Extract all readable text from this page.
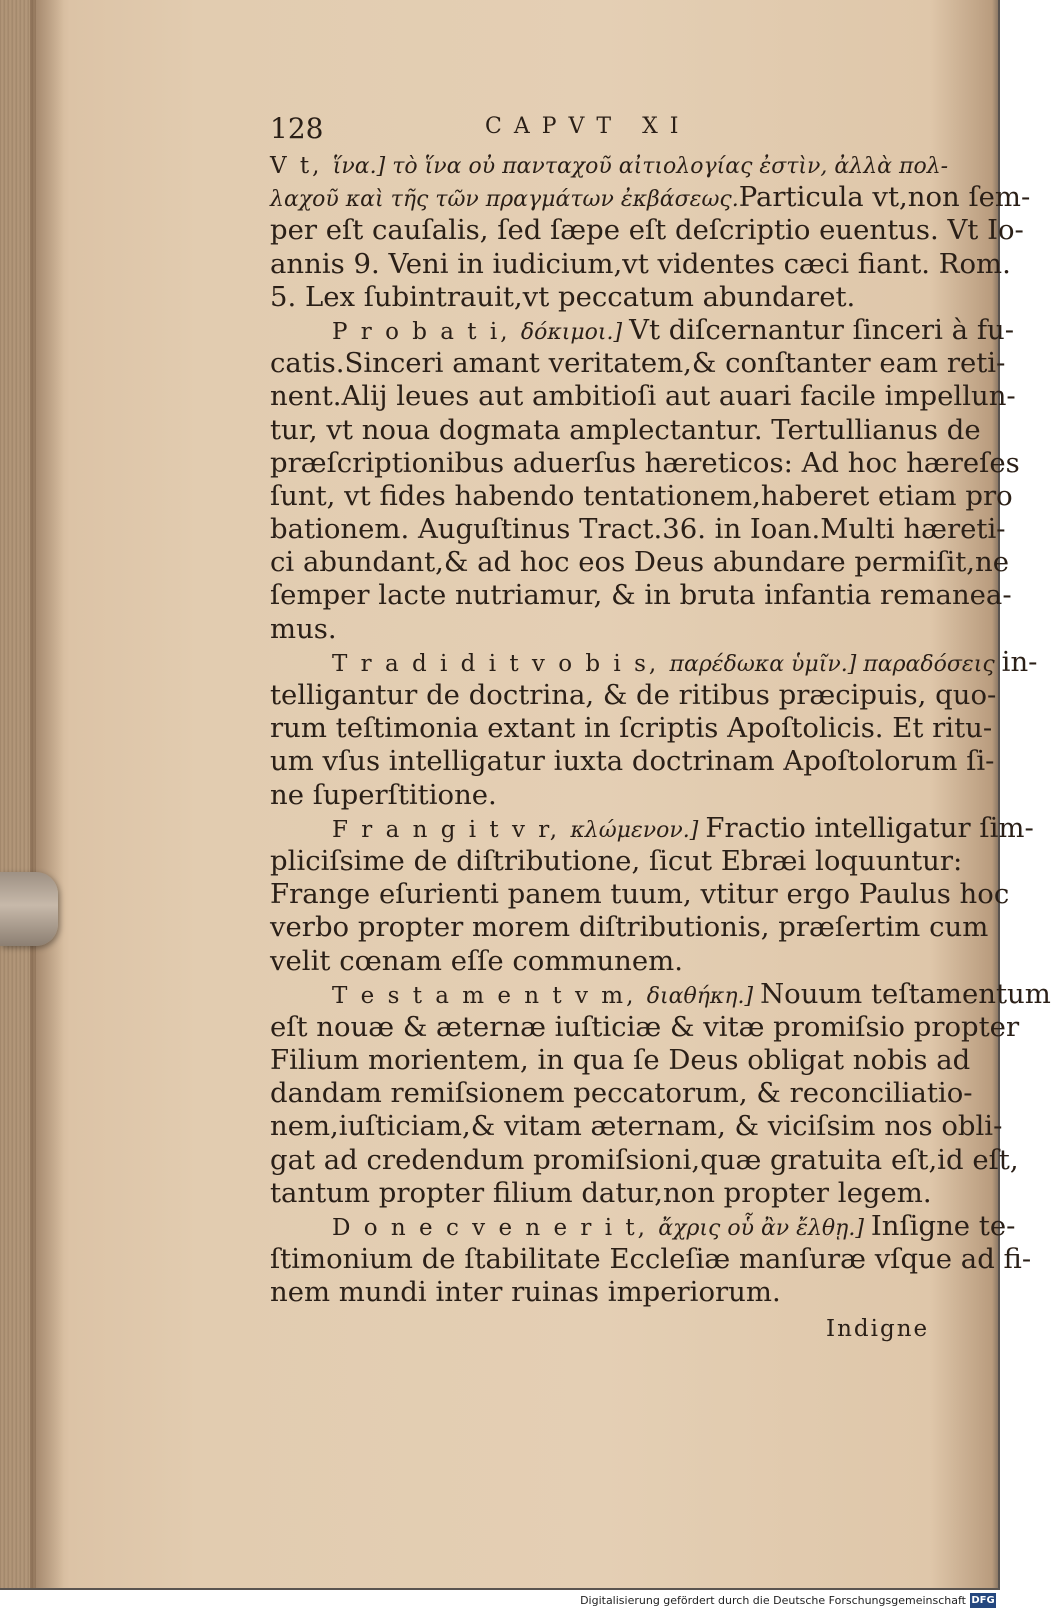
128	CAPVT XI
V t, ἵνα.] τὸ ἵνα οὐ πανταχοῦ αἰτιολογίας ἐστὶν, ἀλλὰ πολ-
λαχοῦ καὶ τῆς τῶν πραγμάτων ἐκβάσεως.Particula vt,non ſem-
per eſt cauſalis, ſed ſæpe eſt deſcriptio euentus. Vt Io-
annis 9. Veni in iudicium,vt videntes cæci fiant. Rom.
5. Lex ſubintrauit,vt peccatum abundaret.
P r o b a t i, δόκιμοι.] Vt diſcernantur ſinceri à fu-
catis.Sinceri amant veritatem,& conſtanter eam reti-
nent.Alij leues aut ambitioſi aut auari facile impellun-
tur, vt noua dogmata amplectantur. Tertullianus de
præſcriptionibus aduerſus hæreticos: Ad hoc hæreſes
ſunt, vt fides habendo tentationem,haberet etiam pro
bationem. Auguſtinus Tract.36. in Ioan.Multi hæreti-
ci abundant,& ad hoc eos Deus abundare permiſit,ne
ſemper lacte nutriamur, & in bruta infantia remanea-
mus.
T r a d i d i t v o b i s, παρέδωκα ὑμῖν.] παραδόσεις in-
telligantur de doctrina, & de ritibus præcipuis, quo-
rum teſtimonia extant in ſcriptis Apoſtolicis. Et ritu-
um vſus intelligatur iuxta doctrinam Apoſtolorum ſi-
ne ſuperſtitione.
F r a n g i t v r, κλώμενον.] Fractio intelligatur ſim-
pliciſsime de diſtributione, ſicut Ebræi loquuntur:
Frange eſurienti panem tuum, vtitur ergo Paulus hoc
verbo propter morem diſtributionis, præſertim cum
velit cœnam eſſe communem.
T e s t a m e n t v m, διαθήκη.] Nouum teſtamentum
eſt nouæ & æternæ iuſticiæ & vitæ promiſsio propter
Filium morientem, in qua ſe Deus obligat nobis ad
dandam remiſsionem peccatorum, & reconciliatio-
nem,iuſticiam,& vitam æternam, & viciſsim nos obli-
gat ad credendum promiſsioni,quæ gratuita eſt,id eſt,
tantum propter filium datur,non propter legem.
D o n e c v e n e r i t, ἄχρις οὗ ἂν ἔλθῃ.] Inſigne te-
ſtimonium de ſtabilitate Eccleſiæ manſuræ vſque ad fi-
nem mundi inter ruinas imperiorum.
Indigne
Digitalisierung gefördert durch die Deutsche Forschungsgemeinschaft DFG
